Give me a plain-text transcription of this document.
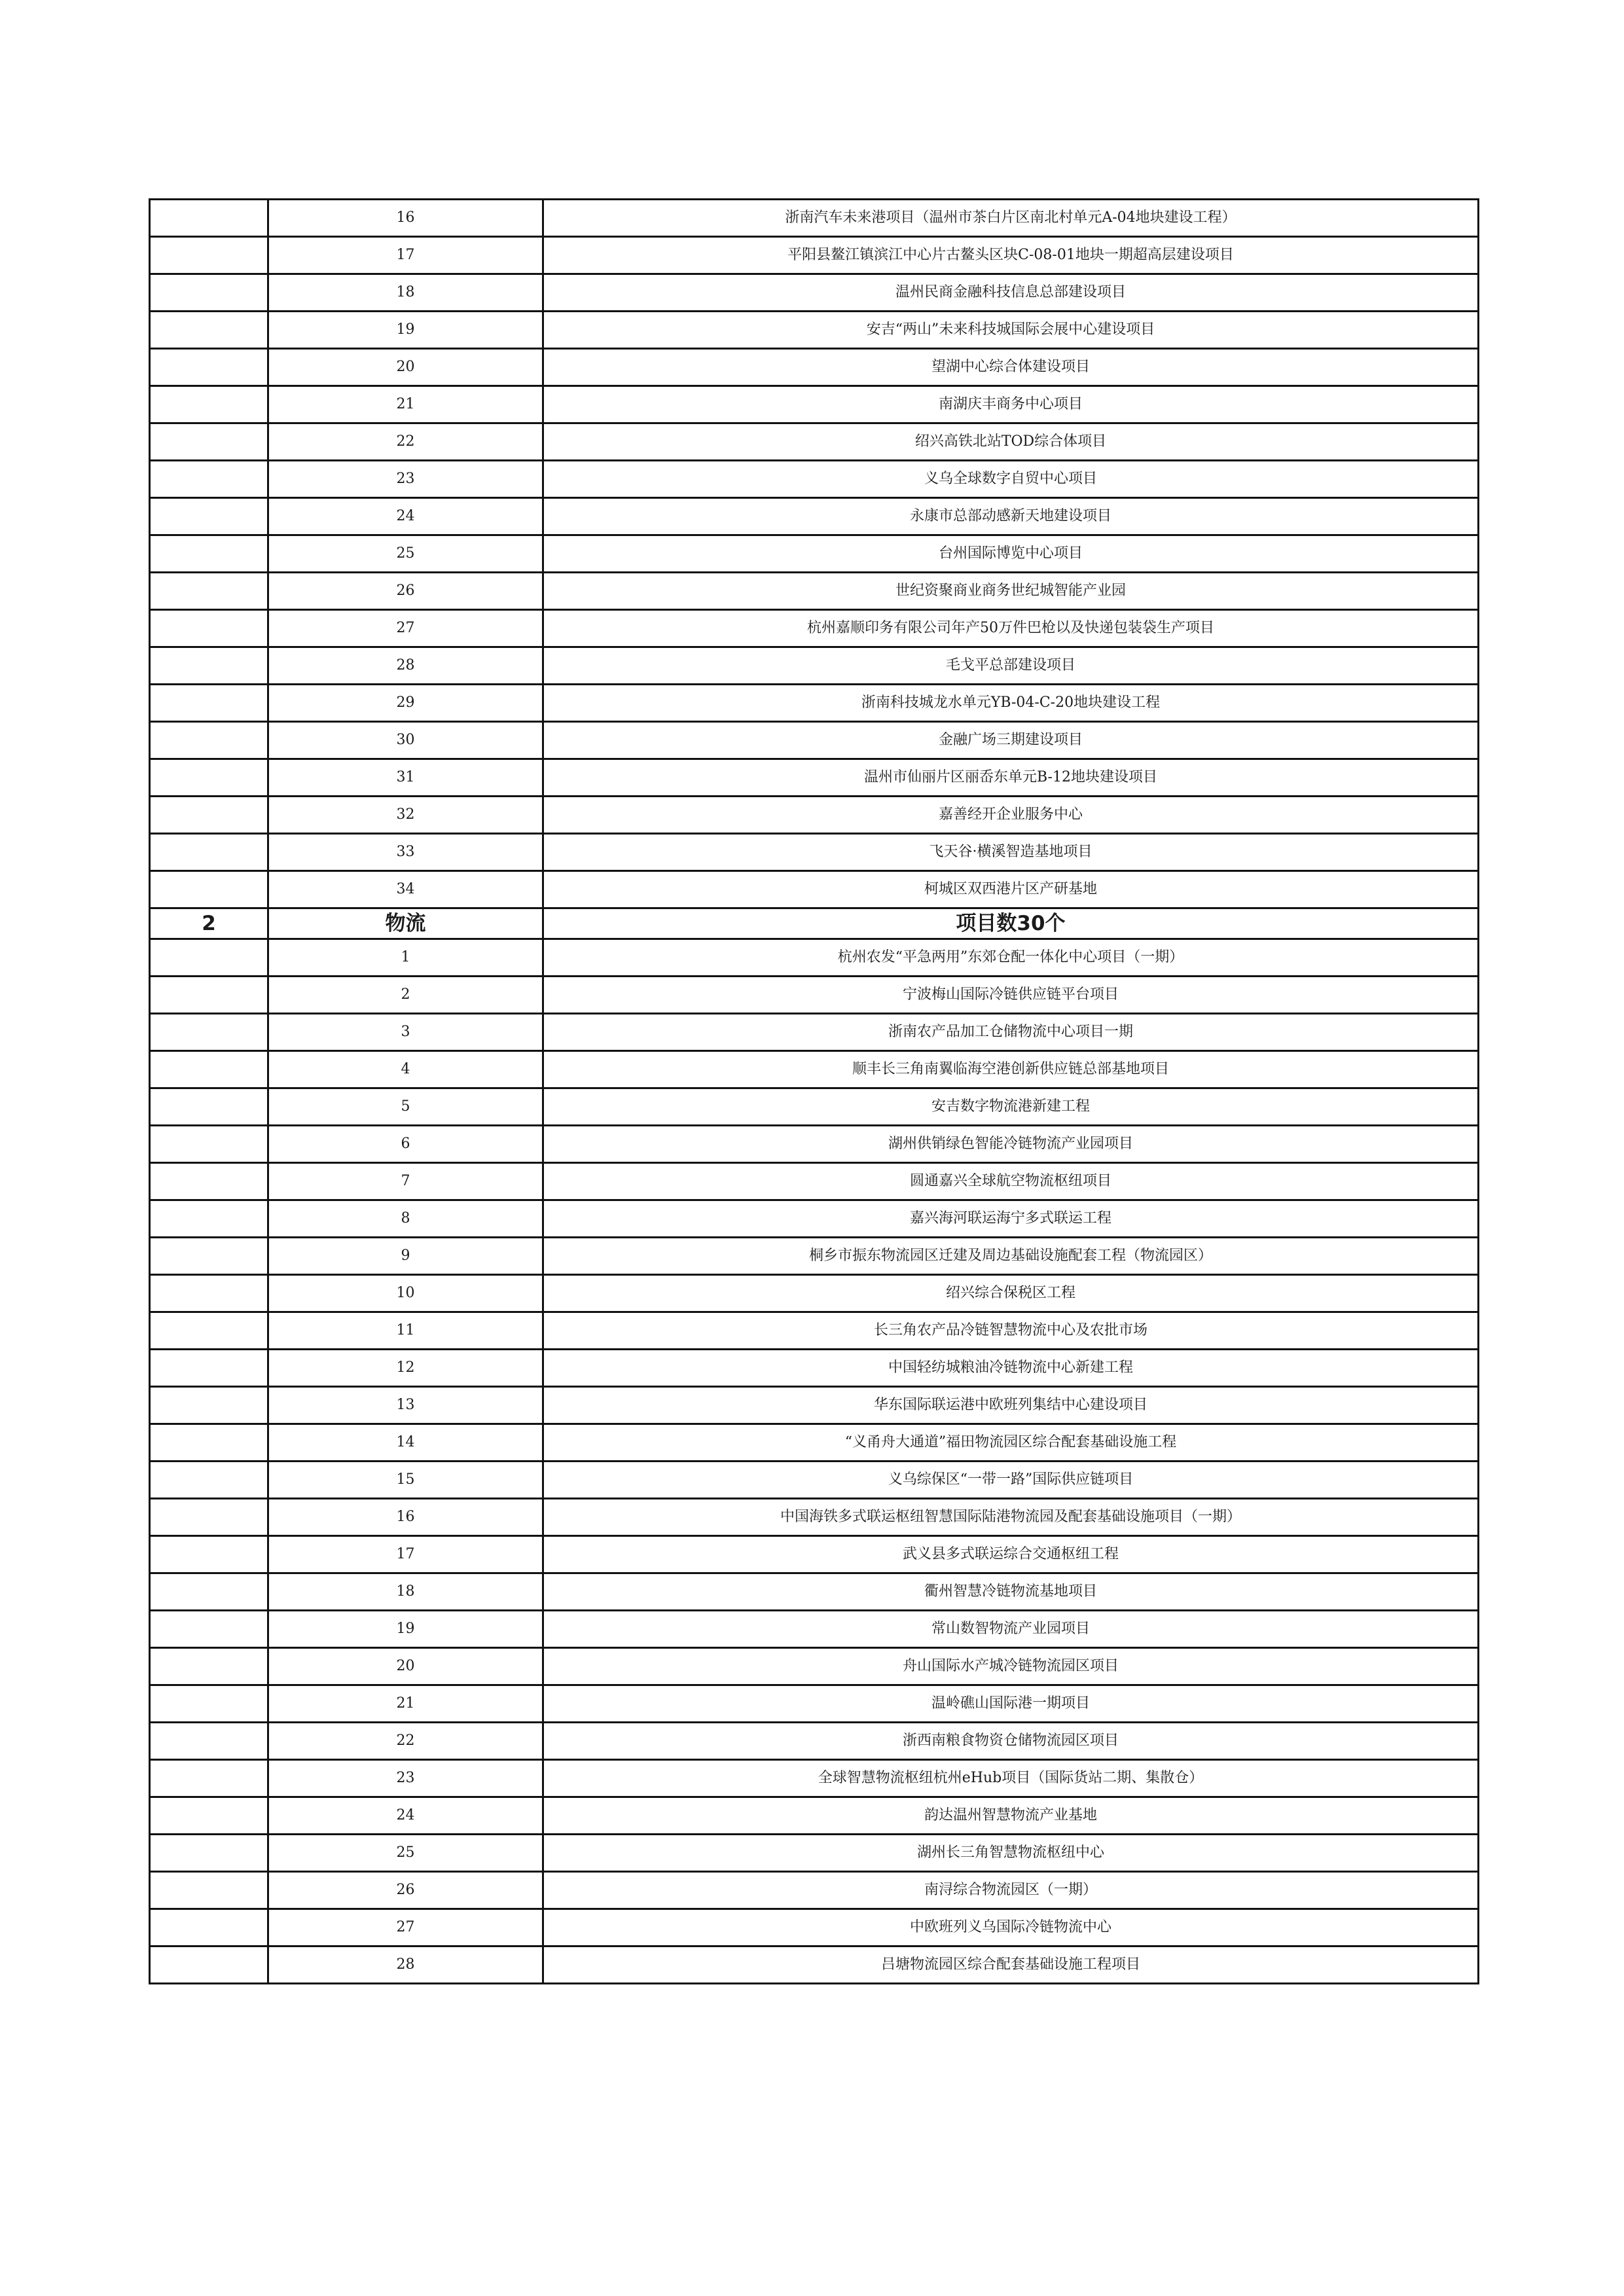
	16	浙南汽车未来港项目（温州市茶白片区南北村单元A-04地块建设工程）
	17	平阳县鳌江镇滨江中心片古鳌头区块C-08-01地块一期超高层建设项目
	18	温州民商金融科技信息总部建设项目
	19	安吉“两山”未来科技城国际会展中心建设项目
	20	望湖中心综合体建设项目
	21	南湖庆丰商务中心项目
	22	绍兴高铁北站TOD综合体项目
	23	义乌全球数字自贸中心项目
	24	永康市总部动感新天地建设项目
	25	台州国际博览中心项目
	26	世纪资聚商业商务世纪城智能产业园
	27	杭州嘉顺印务有限公司年产50万件巴枪以及快递包装袋生产项目
	28	毛戈平总部建设项目
	29	浙南科技城龙水单元YB-04-C-20地块建设工程
	30	金融广场三期建设项目
	31	温州市仙丽片区丽岙东单元B-12地块建设项目
	32	嘉善经开企业服务中心
	33	飞天谷·横溪智造基地项目
	34	柯城区双西港片区产研基地
2	物流	项目数30个
	1	杭州农发“平急两用”东郊仓配一体化中心项目（一期）
	2	宁波梅山国际冷链供应链平台项目
	3	浙南农产品加工仓储物流中心项目一期
	4	顺丰长三角南翼临海空港创新供应链总部基地项目
	5	安吉数字物流港新建工程
	6	湖州供销绿色智能冷链物流产业园项目
	7	圆通嘉兴全球航空物流枢纽项目
	8	嘉兴海河联运海宁多式联运工程
	9	桐乡市振东物流园区迁建及周边基础设施配套工程（物流园区）
	10	绍兴综合保税区工程
	11	长三角农产品冷链智慧物流中心及农批市场
	12	中国轻纺城粮油冷链物流中心新建工程
	13	华东国际联运港中欧班列集结中心建设项目
	14	“义甬舟大通道”福田物流园区综合配套基础设施工程
	15	义乌综保区“一带一路”国际供应链项目
	16	中国海铁多式联运枢纽智慧国际陆港物流园及配套基础设施项目（一期）
	17	武义县多式联运综合交通枢纽工程
	18	衢州智慧冷链物流基地项目
	19	常山数智物流产业园项目
	20	舟山国际水产城冷链物流园区项目
	21	温岭礁山国际港一期项目
	22	浙西南粮食物资仓储物流园区项目
	23	全球智慧物流枢纽杭州eHub项目（国际货站二期、集散仓）
	24	韵达温州智慧物流产业基地
	25	湖州长三角智慧物流枢纽中心
	26	南浔综合物流园区（一期）
	27	中欧班列义乌国际冷链物流中心
	28	吕塘物流园区综合配套基础设施工程项目
